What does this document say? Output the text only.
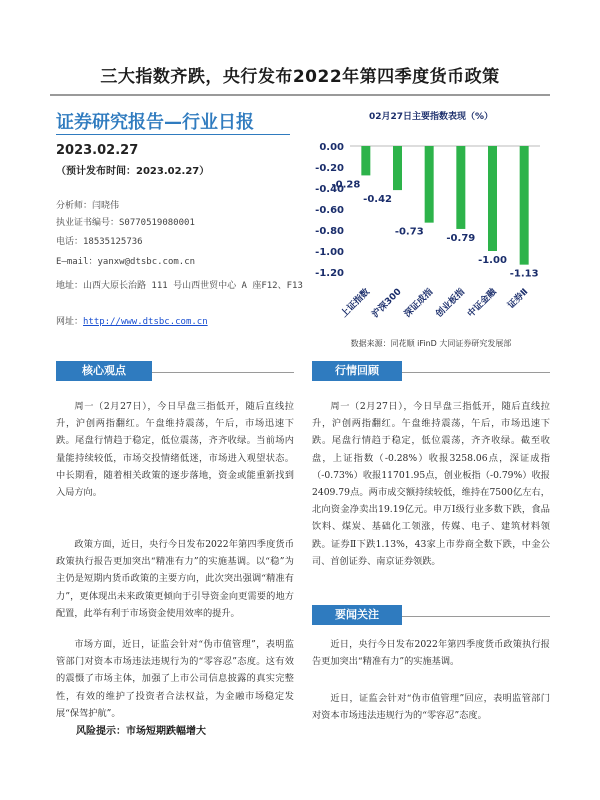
三大指数齐跌，央行发布2022年第四季度货币政策
证券研究报告—行业日报
2023.02.27
（预计发布时间：2023.02.27）
分析师：闫晓伟
执业证书编号：S0770519080001
电话：18535125736
E—mail：yanxw@dtsbc.com.cn
地址：山西大原长治路 111 号山西世贸中心 A 座F12、F13
网址：http://www.dtsbc.com.cn
02月27日主要指数表现（%）
0.00
-0.20
-0.40
-0.60
-0.80
-1.00
-1.20
-0.28
上证指数
-0.42
沪深300
-0.73
深证成指
-0.79
创业板指
-1.00
中证金融
-1.13
证券Ⅱ
数据来源：同花顺 iFinD 大同证券研究发展部
核心观点
周一（2月27日），今日早盘三指低开，随后直线拉升，沪创两指翻红。午盘维持震荡，午后，市场迅速下跌。尾盘行情趋于稳定，低位震荡，齐齐收绿。当前场内量能持续较低，市场交投情绪低迷，市场进入观望状态。中长期看，随着相关政策的逐步落地，资金或能重新找到入局方向。
政策方面，近日，央行今日发布2022年第四季度货币政策执行报告更加突出“精准有力”的实施基调。以“稳”为主仍是短期内货币政策的主要方向，此次突出强调“精准有力”，更体现出未来政策更倾向于引导资金向更需要的地方配置，此举有利于市场资金使用效率的提升。
市场方面，近日，证监会针对“伪市值管理”，表明监管部门对资本市场违法违规行为的“零容忍”态度。这有效的震慑了市场主体，加强了上市公司信息披露的真实完整性，有效的维护了投资者合法权益，为金融市场稳定发展“保驾护航”。
风险提示：市场短期跌幅增大
行情回顾
周一（2月27日），今日早盘三指低开，随后直线拉升，沪创两指翻红。午盘维持震荡，午后，市场迅速下跌。尾盘行情趋于稳定，低位震荡，齐齐收绿。截至收盘，上证指数（-0.28%）收报3258.06点，深证成指（-0.73%）收报11701.95点，创业板指（-0.79%）收报2409.79点。两市成交额持续较低，维持在7500亿左右，北向资金净卖出19.19亿元。申万Ⅰ级行业多数下跌，食品饮料、煤炭、基础化工领涨，传媒、电子、建筑材料领跌。证券Ⅱ下跌1.13%，43家上市券商全数下跌，中金公司、首创证券、南京证券领跌。
要闻关注
近日，央行今日发布2022年第四季度货币政策执行报告更加突出“精准有力”的实施基调。
近日，证监会针对“伪市值管理”回应，表明监管部门对资本市场违法违规行为的“零容忍”态度。
